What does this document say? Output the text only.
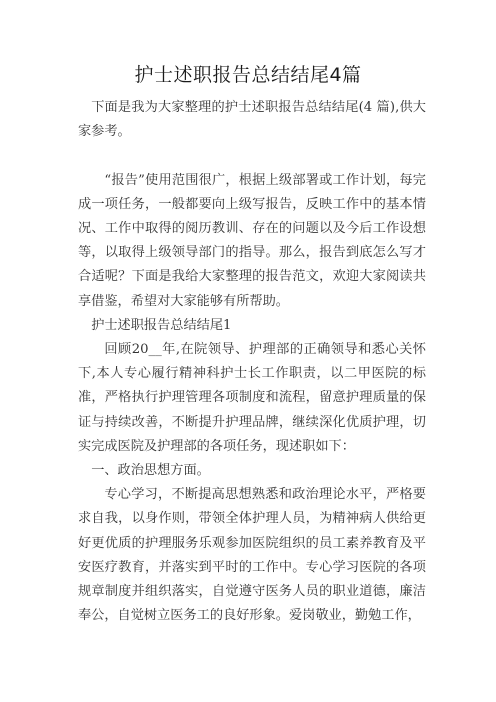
护士述职报告总结结尾4篇

下面是我为大家整理的护士述职报告总结结尾(4 篇),供大家参考。

“报告”使用范围很广，根据上级部署或工作计划，每完成一项任务，一般都要向上级写报告，反映工作中的基本情况、工作中取得的阅历教训、存在的问题以及今后工作设想等，以取得上级领导部门的指导。那么，报告到底怎么写才合适呢？下面是我给大家整理的报告范文，欢迎大家阅读共享借鉴，希望对大家能够有所帮助。

护士述职报告总结结尾1

回顾20__年,在院领导、护理部的正确领导和悉心关怀下,本人专心履行精神科护士长工作职责，以二甲医院的标准，严格执行护理管理各项制度和流程，留意护理质量的保证与持续改善，不断提升护理品牌，继续深化优质护理，切实完成医院及护理部的各项任务，现述职如下：

一、政治思想方面。

专心学习，不断提高思想熟悉和政治理论水平，严格要求自我，以身作则，带领全体护理人员，为精神病人供给更好更优质的护理服务乐观参加医院组织的员工素养教育及平安医疗教育，并落实到平时的工作中。专心学习医院的各项规章制度并组织落实，自觉遵守医务人员的职业道德，廉洁奉公，自觉树立医务工的良好形象。爱岗敬业，勤勉工作，
